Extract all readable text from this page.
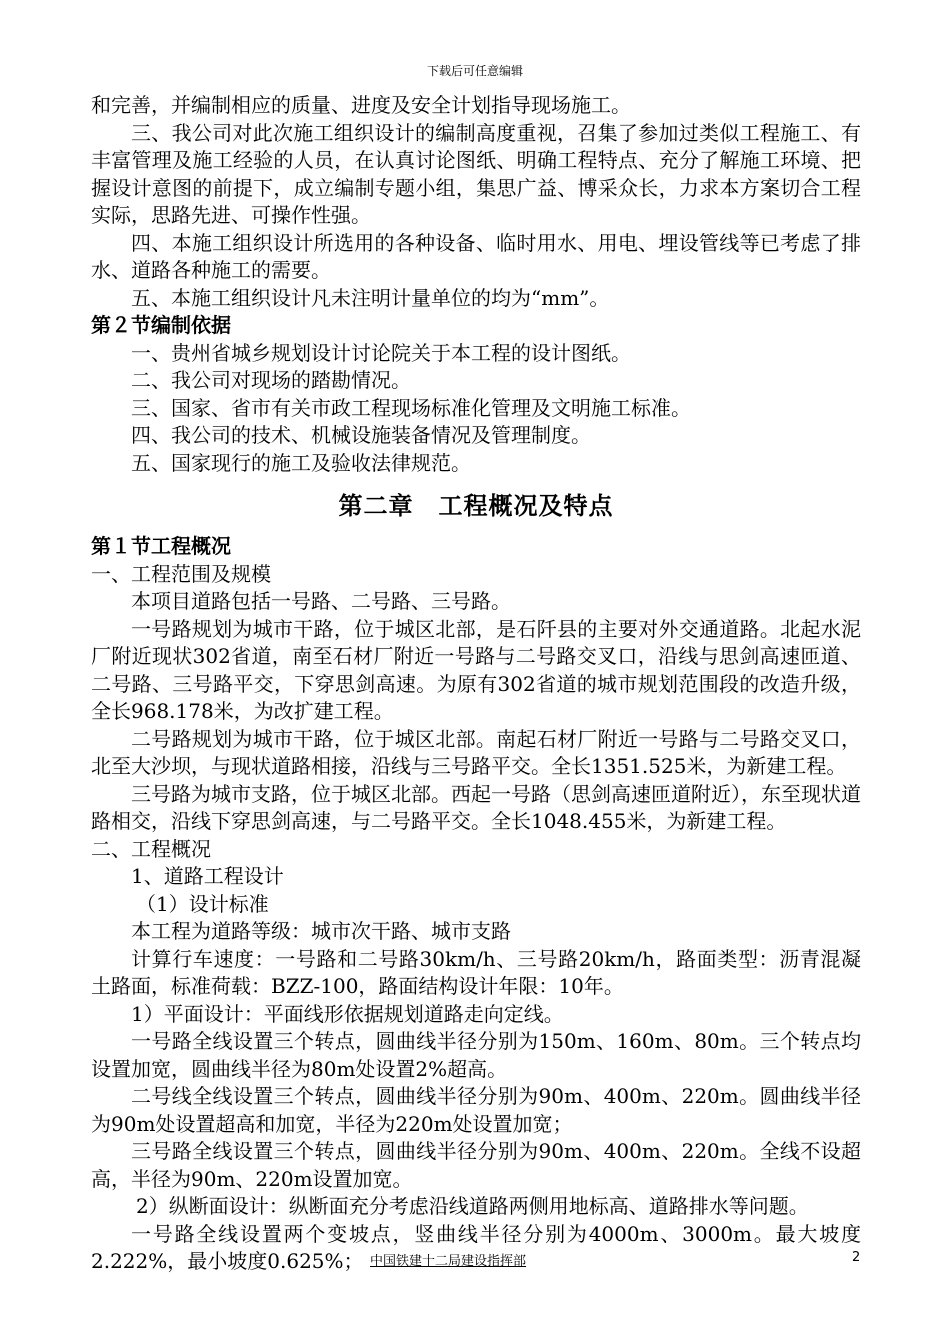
下载后可任意编辑

和完善，并编制相应的质量、进度及安全计划指导现场施工。

三、我公司对此次施工组织设计的编制高度重视，召集了参加过类似工程施工、有丰富管理及施工经验的人员，在认真讨论图纸、明确工程特点、充分了解施工环境、把握设计意图的前提下，成立编制专题小组，集思广益、博采众长，力求本方案切合工程实际，思路先进、可操作性强。

四、本施工组织设计所选用的各种设备、临时用水、用电、埋设管线等已考虑了排水、道路各种施工的需要。

五、本施工组织设计凡未注明计量单位的均为“mm”。

第２节编制依据

一、贵州省城乡规划设计讨论院关于本工程的设计图纸。

二、我公司对现场的踏勘情况。

三、国家、省市有关市政工程现场标准化管理及文明施工标准。

四、我公司的技术、机械设施装备情况及管理制度。

五、国家现行的施工及验收法律规范。

第二章　工程概况及特点

第１节工程概况

一、工程范围及规模

本项目道路包括一号路、二号路、三号路。

一号路规划为城市干路，位于城区北部，是石阡县的主要对外交通道路。北起水泥厂附近现状302省道，南至石材厂附近一号路与二号路交叉口，沿线与思剑高速匝道、二号路、三号路平交，下穿思剑高速。为原有302省道的城市规划范围段的改造升级，全长968.178米，为改扩建工程。

二号路规划为城市干路，位于城区北部。南起石材厂附近一号路与二号路交叉口，北至大沙坝，与现状道路相接，沿线与三号路平交。全长1351.525米，为新建工程。

三号路为城市支路，位于城区北部。西起一号路（思剑高速匝道附近），东至现状道路相交，沿线下穿思剑高速，与二号路平交。全长1048.455米，为新建工程。

二、工程概况

1、道路工程设计

（1）设计标准

本工程为道路等级：城市次干路、城市支路

计算行车速度：一号路和二号路30km/h、三号路20km/h，路面类型：沥青混凝土路面，标准荷载：BZZ-100，路面结构设计年限：10年。

1）平面设计：平面线形依据规划道路走向定线。

一号路全线设置三个转点，圆曲线半径分别为150m、160m、80m。三个转点均设置加宽，圆曲线半径为80m处设置2%超高。

二号线全线设置三个转点，圆曲线半径分别为90m、400m、220m。圆曲线半径为90m处设置超高和加宽，半径为220m处设置加宽；

三号路全线设置三个转点，圆曲线半径分别为90m、400m、220m。全线不设超高，半径为90m、220m设置加宽。

2）纵断面设计：纵断面充分考虑沿线道路两侧用地标高、道路排水等问题。

一号路全线设置两个变坡点，竖曲线半径分别为4000m、3000m。最大坡度2.222%，最小坡度0.625%； 中国铁建十二局建设指挥部	2
